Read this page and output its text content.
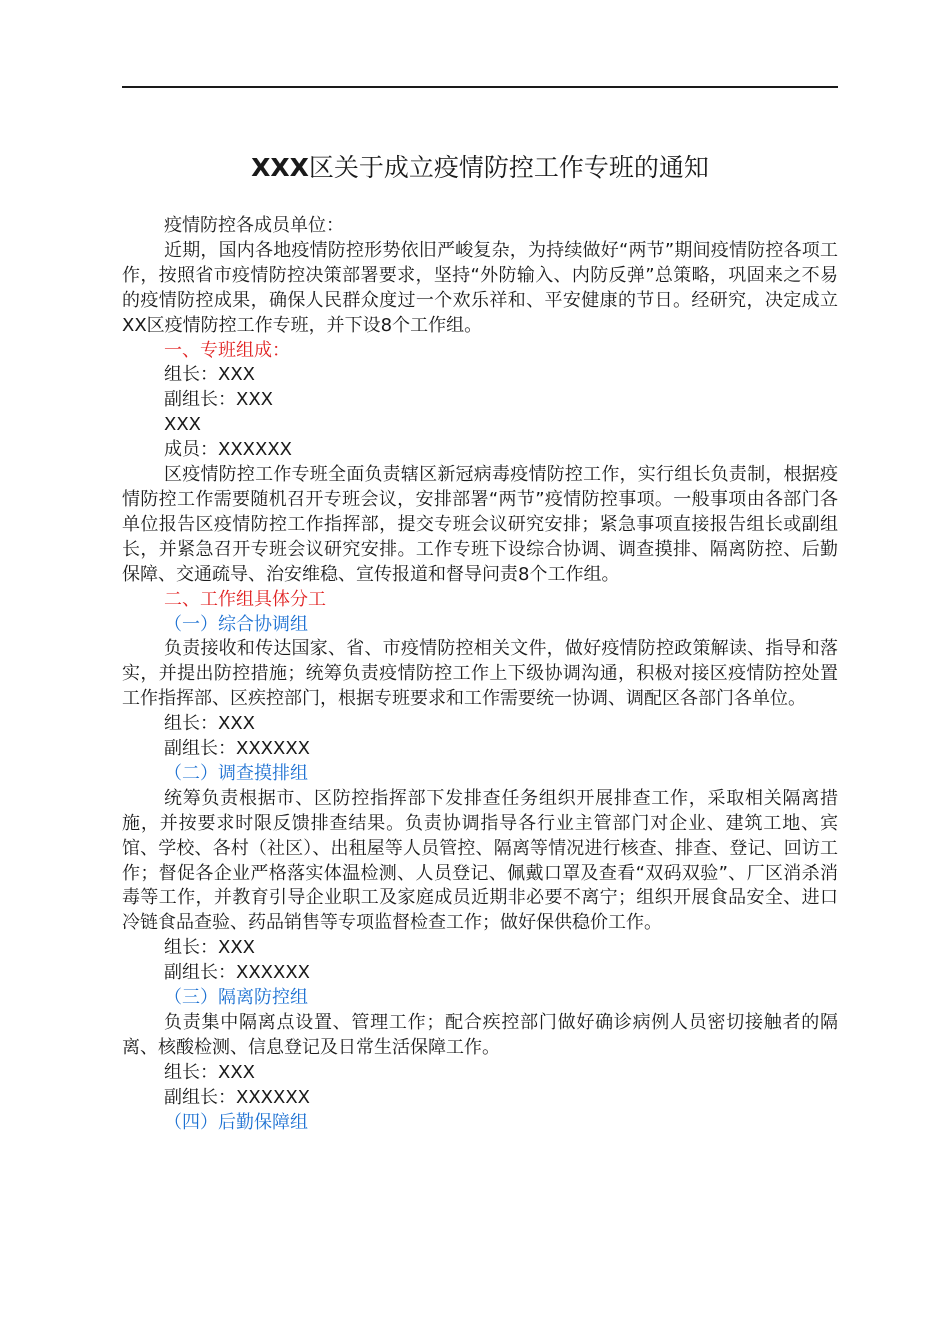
XXX区关于成立疫情防控工作专班的通知

疫情防控各成员单位：

近期，国内各地疫情防控形势依旧严峻复杂，为持续做好“两节”期间疫情防控各项工作，按照省市疫情防控决策部署要求，坚持“外防输入、内防反弹”总策略，巩固来之不易的疫情防控成果，确保人民群众度过一个欢乐祥和、平安健康的节日。经研究，决定成立XX区疫情防控工作专班，并下设8个工作组。

一、专班组成：

组长：XXX

副组长：XXX

XXX

成员：XXXXXX

区疫情防控工作专班全面负责辖区新冠病毒疫情防控工作，实行组长负责制，根据疫情防控工作需要随机召开专班会议，安排部署“两节”疫情防控事项。一般事项由各部门各单位报告区疫情防控工作指挥部，提交专班会议研究安排；紧急事项直接报告组长或副组长，并紧急召开专班会议研究安排。工作专班下设综合协调、调查摸排、隔离防控、后勤保障、交通疏导、治安维稳、宣传报道和督导问责8个工作组。

二、工作组具体分工

（一）综合协调组

负责接收和传达国家、省、市疫情防控相关文件，做好疫情防控政策解读、指导和落实，并提出防控措施；统筹负责疫情防控工作上下级协调沟通，积极对接区疫情防控处置工作指挥部、区疾控部门，根据专班要求和工作需要统一协调、调配区各部门各单位。

组长：XXX

副组长：XXXXXX

（二）调查摸排组

统筹负责根据市、区防控指挥部下发排查任务组织开展排查工作，采取相关隔离措施，并按要求时限反馈排查结果。负责协调指导各行业主管部门对企业、建筑工地、宾馆、学校、各村（社区）、出租屋等人员管控、隔离等情况进行核查、排查、登记、回访工作；督促各企业严格落实体温检测、人员登记、佩戴口罩及查看“双码双验”、厂区消杀消毒等工作，并教育引导企业职工及家庭成员近期非必要不离宁；组织开展食品安全、进口冷链食品查验、药品销售等专项监督检查工作；做好保供稳价工作。

组长：XXX

副组长：XXXXXX

（三）隔离防控组

负责集中隔离点设置、管理工作；配合疾控部门做好确诊病例人员密切接触者的隔离、核酸检测、信息登记及日常生活保障工作。

组长：XXX

副组长：XXXXXX

（四）后勤保障组
